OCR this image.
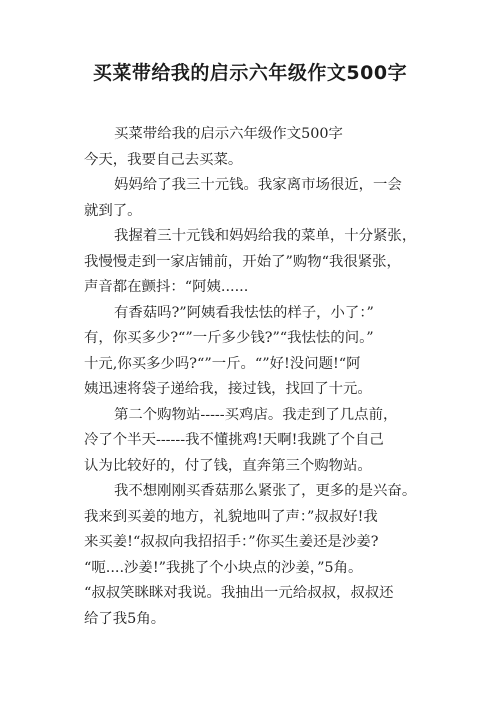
买菜带给我的启示六年级作文500字
买菜带给我的启示六年级作文500字
今天，我要自己去买菜。
妈妈给了我三十元钱。我家离市场很近，一会
就到了。
我握着三十元钱和妈妈给我的菜单，十分紧张，
我慢慢走到一家店铺前，开始了”购物“我很紧张，
声音都在颤抖：“阿姨......
有香菇吗?”阿姨看我怯怯的样子，小了：”
有，你买多少?“”一斤多少钱?”“我怯怯的问。”
十元,你买多少吗?“”一斤。“”好!没问题!“阿
姨迅速将袋子递给我，接过钱，找回了十元。
第二个购物站-----买鸡店。我走到了几点前，
冷了个半天------我不懂挑鸡!天啊!我跳了个自己
认为比较好的，付了钱，直奔第三个购物站。
我不想刚刚买香菇那么紧张了，更多的是兴奋。
我来到买姜的地方，礼貌地叫了声：”叔叔好!我
来买姜!“叔叔向我招招手：”你买生姜还是沙姜?
“呃....沙姜!”我挑了个小块点的沙姜，”5角。
“叔叔笑眯眯对我说。我抽出一元给叔叔，叔叔还
给了我5角。
